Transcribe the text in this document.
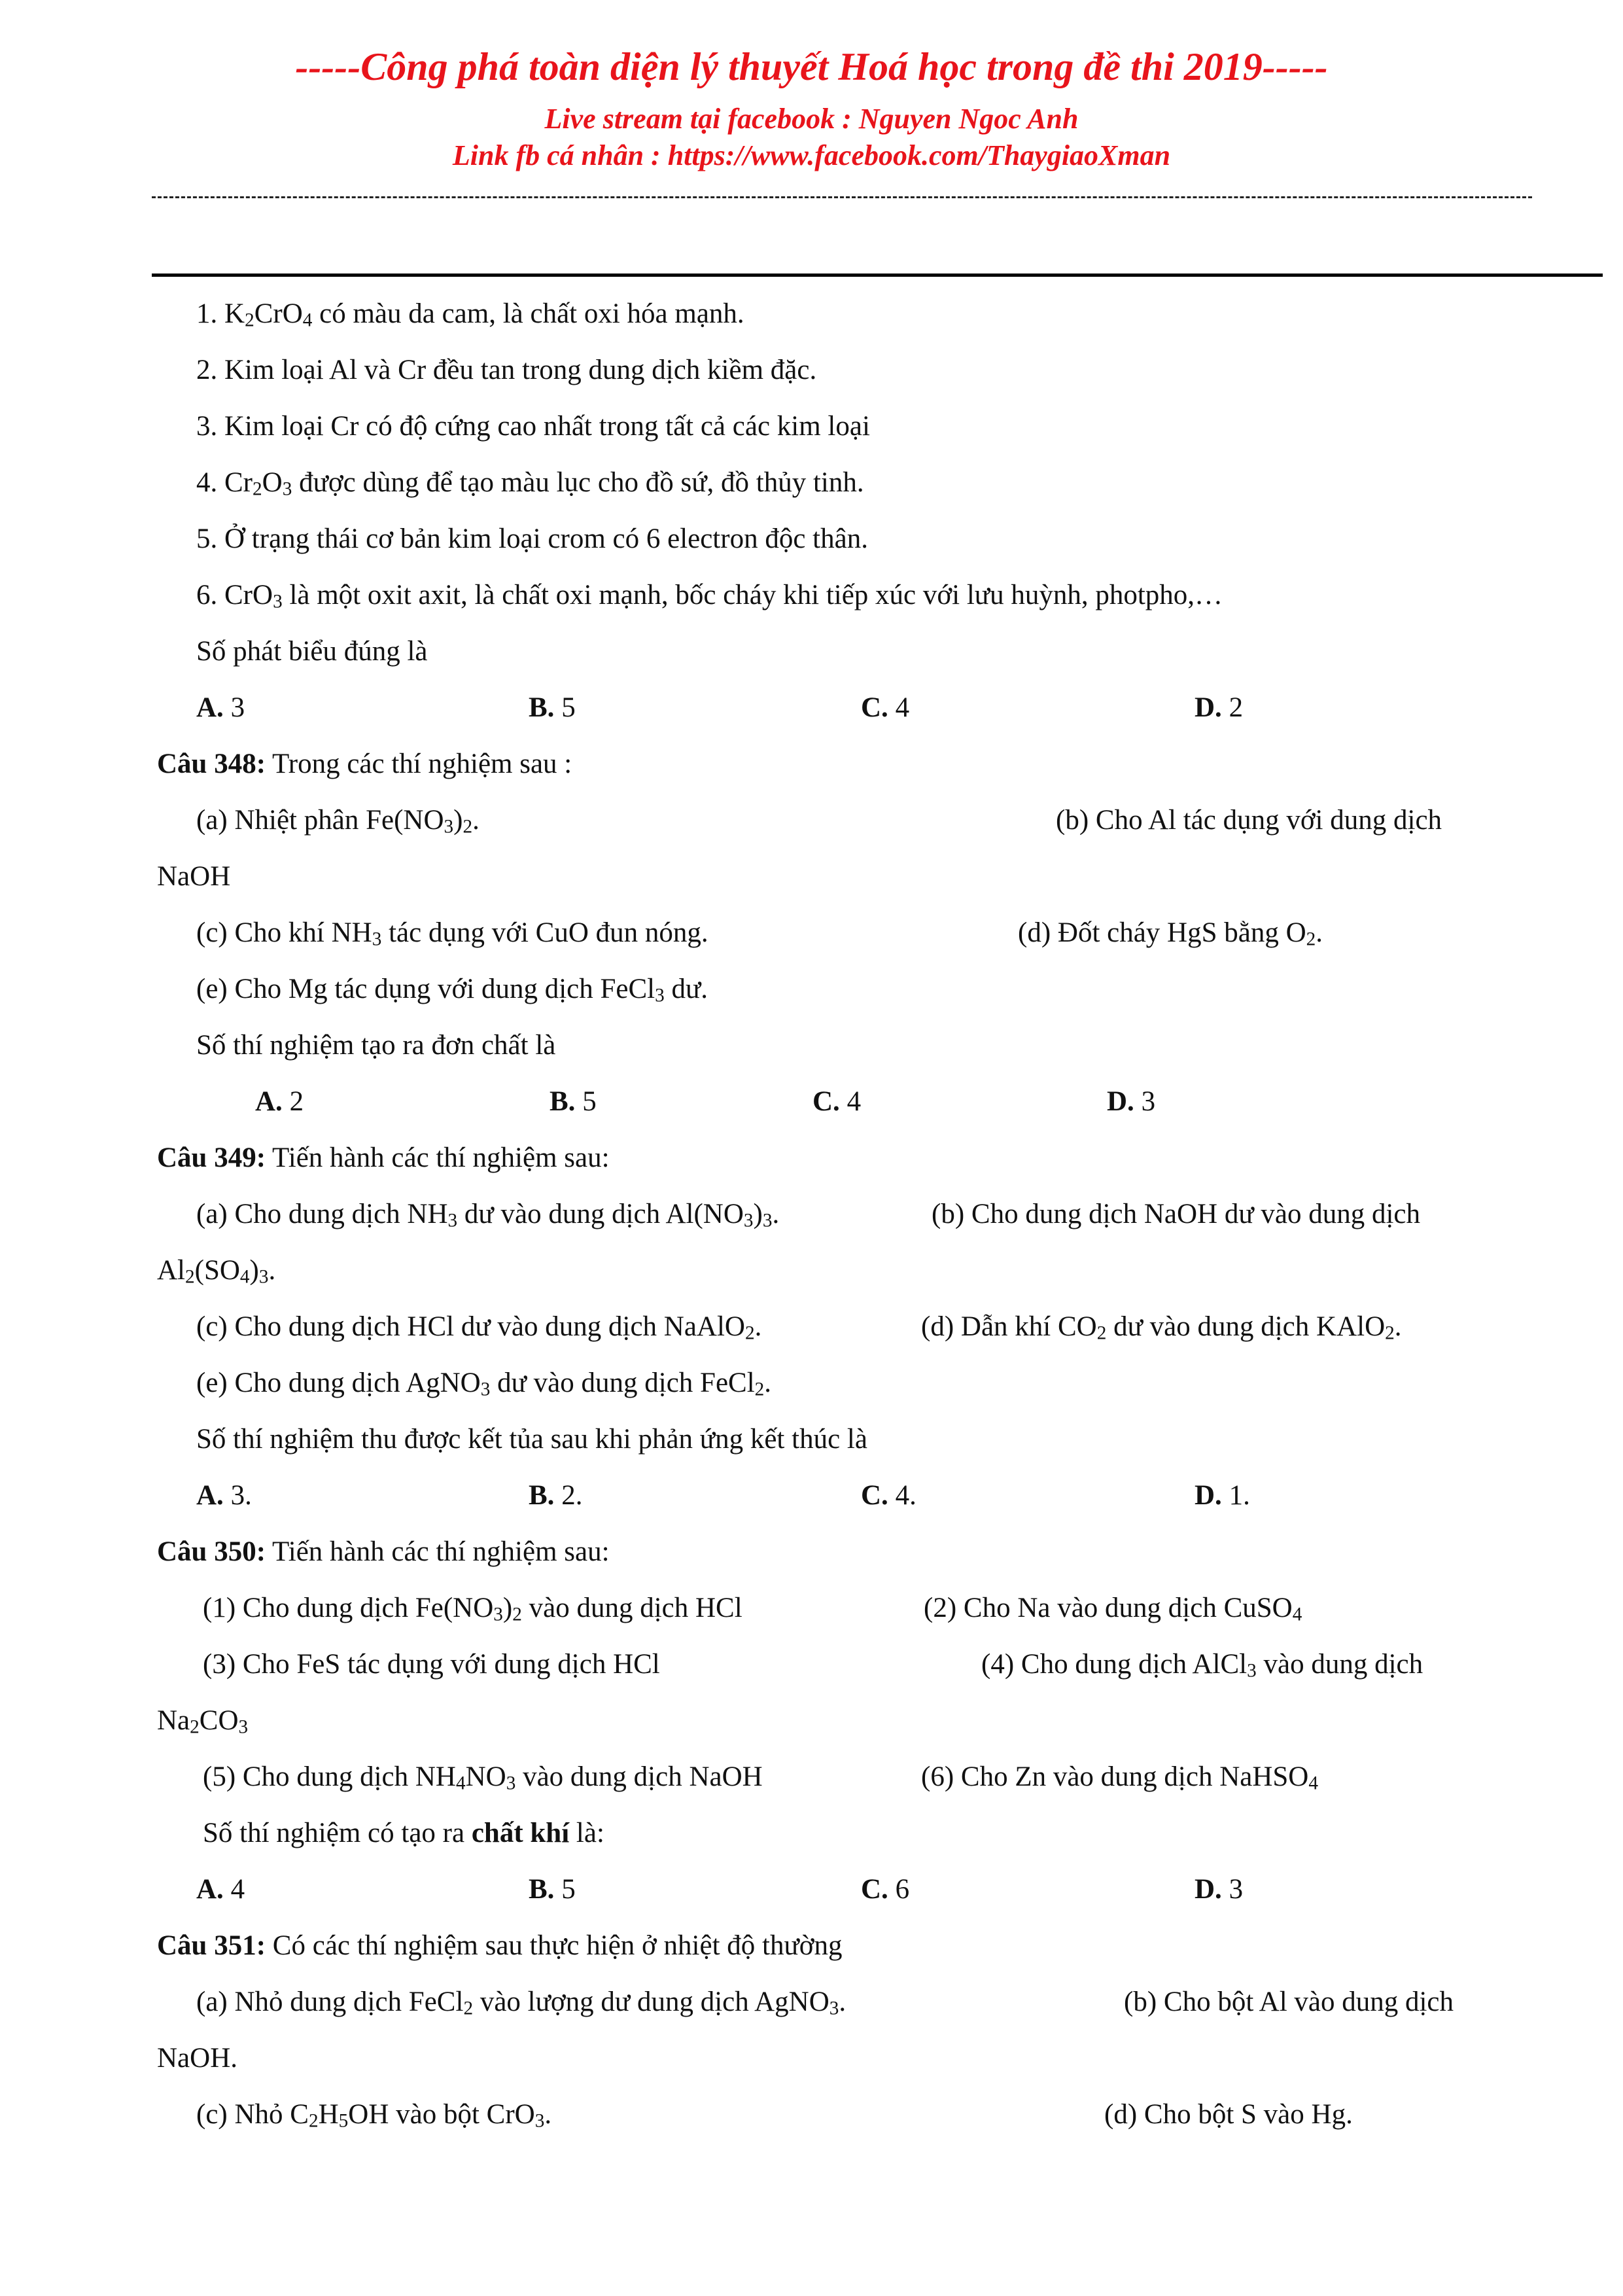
-----Công phá toàn diện lý thuyết Hoá học trong đề thi 2019-----
Live stream tại facebook : Nguyen Ngoc Anh
Link fb cá nhân : https://www.facebook.com/ThaygiaoXman
1. $K_2CrO_4$ có màu da cam, là chất oxi hóa mạnh.
2. Kim loại Al và Cr đều tan trong dung dịch kiềm đặc.
3. Kim loại Cr có độ cứng cao nhất trong tất cả các kim loại
4. $Cr_2O_3$ được dùng để tạo màu lục cho đồ sứ, đồ thủy tinh.
5. Ở trạng thái cơ bản kim loại crom có 6 electron độc thân.
6. CrO$_3$ là một oxit axit, là chất oxi mạnh, bốc cháy khi tiếp xúc với lưu huỳnh, photpho,…
Số phát biểu đúng là
A. 3	B. 5	C. 4	D. 2
Câu 348: Trong các thí nghiệm sau :
(a) Nhiệt phân $Fe(NO_3)_2$.	(b) Cho Al tác dụng với dung dịch
NaOH
(c) Cho khí $NH_3$ tác dụng với CuO đun nóng.	(d) Đốt cháy HgS bằng $O_2$.
(e) Cho Mg tác dụng với dung dịch FeCl$_3$ dư.
Số thí nghiệm tạo ra đơn chất là
A. 2	B. 5	C. 4	D. 3
Câu 349: Tiến hành các thí nghiệm sau:
(a) Cho dung dịch $NH_3$ dư vào dung dịch $Al(NO_3)_3$.	(b) Cho dung dịch NaOH dư vào dung dịch
$Al_2(SO_4)_3$.
(c) Cho dung dịch HCl dư vào dung dịch NaAlO$_2$.	(d) Dẫn khí $CO_2$ dư vào dung dịch KAlO$_2$.
(e) Cho dung dịch AgNO$_3$ dư vào dung dịch FeCl$_2$.
Số thí nghiệm thu được kết tủa sau khi phản ứng kết thúc là
A. 3.	B. 2.	C. 4.	D. 1.
Câu 350: Tiến hành các thí nghiệm sau:
(1) Cho dung dịch $Fe(NO_3)_2$ vào dung dịch HCl	(2) Cho Na vào dung dịch CuSO$_4$
(3) Cho FeS tác dụng với dung dịch HCl	(4) Cho dung dịch AlCl$_3$ vào dung dịch
$Na_2CO_3$
(5) Cho dung dịch $NH_4NO_3$ vào dung dịch NaOH	(6) Cho Zn vào dung dịch NaHSO$_4$
Số thí nghiệm có tạo ra chất khí là:
A. 4	B. 5	C. 6	D. 3
Câu 351: Có các thí nghiệm sau thực hiện ở nhiệt độ thường
(a) Nhỏ dung dịch FeCl$_2$ vào lượng dư dung dịch AgNO$_3$.	(b) Cho bột Al vào dung dịch
NaOH.
(c) Nhỏ $C_2H_5OH$ vào bột CrO$_3$.	(d) Cho bột S vào Hg.
